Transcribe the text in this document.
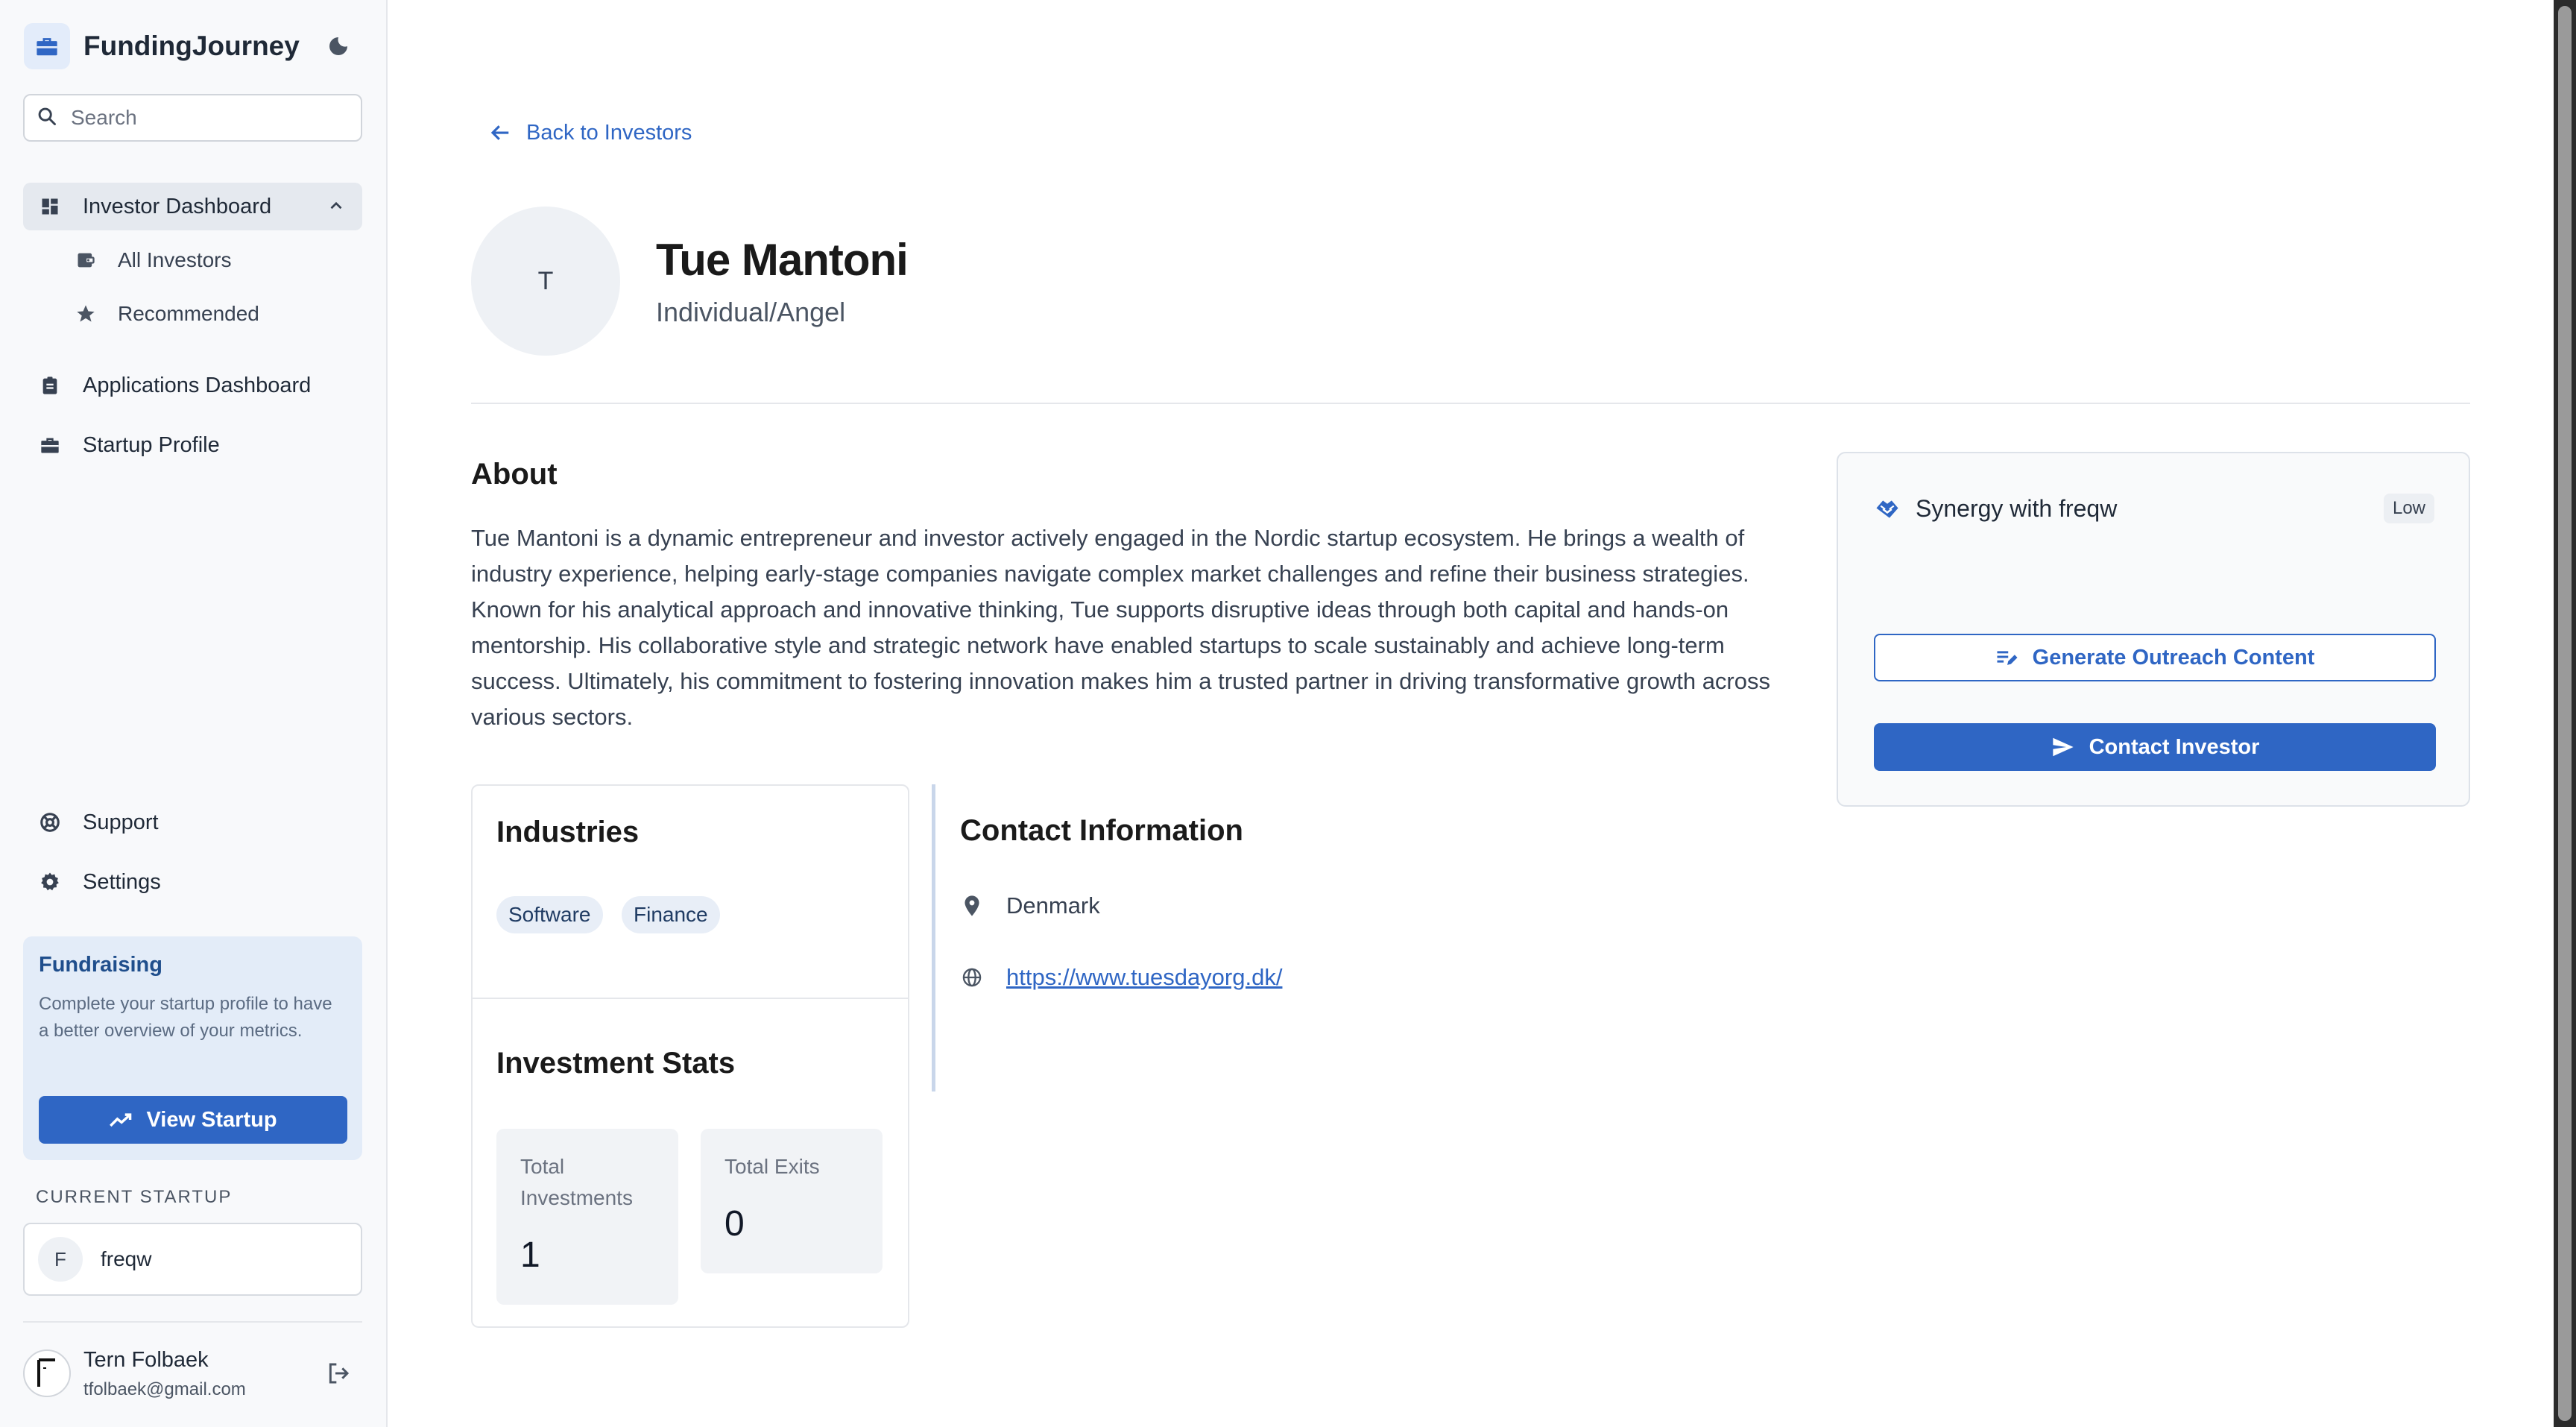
FundingJourney
Search
Investor Dashboard
All Investors
Recommended
Applications Dashboard
Startup Profile
Support
Settings
Fundraising
Complete your startup profile to have a better overview of your metrics.
View Startup
CURRENT STARTUP
F	freqw
Tern Folbaek
tfolbaek@gmail.com
Back to Investors
T	Tue Mantoni
Individual/Angel
About

Tue Mantoni is a dynamic entrepreneur and investor actively engaged in the Nordic startup ecosystem. He brings a wealth of industry experience, helping early-stage companies navigate complex market challenges and refine their business strategies. Known for his analytical approach and innovative thinking, Tue supports disruptive ideas through both capital and hands-on mentorship. His collaborative style and strategic network have enabled startups to scale sustainably and achieve long-term success. Ultimately, his commitment to fostering innovation makes him a trusted partner in driving transformative growth across various sectors.

Industries
Software	Finance
Investment Stats
Total Investments
1
Total Exits
0
Contact Information
Denmark
https://www.tuesdayorg.dk/
Synergy with freqw	Low
Generate Outreach Content
Contact Investor
